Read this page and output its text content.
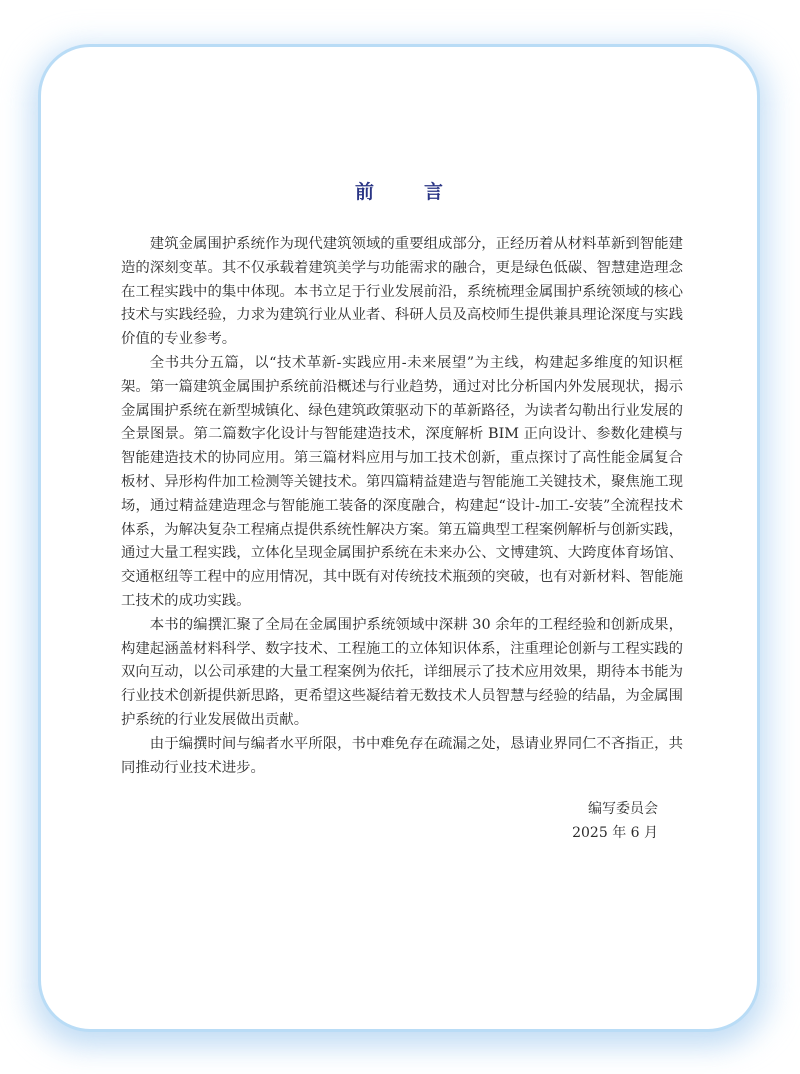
前言

建筑金属围护系统作为现代建筑领域的重要组成部分，正经历着从材料革新到智能建造的深刻变革。其不仅承载着建筑美学与功能需求的融合，更是绿色低碳、智慧建造理念在工程实践中的集中体现。本书立足于行业发展前沿，系统梳理金属围护系统领域的核心技术与实践经验，力求为建筑行业从业者、科研人员及高校师生提供兼具理论深度与实践价值的专业参考。

全书共分五篇，以“技术革新-实践应用-未来展望”为主线，构建起多维度的知识框架。第一篇建筑金属围护系统前沿概述与行业趋势，通过对比分析国内外发展现状，揭示金属围护系统在新型城镇化、绿色建筑政策驱动下的革新路径，为读者勾勒出行业发展的全景图景。第二篇数字化设计与智能建造技术，深度解析 BIM 正向设计、参数化建模与智能建造技术的协同应用。第三篇材料应用与加工技术创新，重点探讨了高性能金属复合板材、异形构件加工检测等关键技术。第四篇精益建造与智能施工关键技术，聚焦施工现场，通过精益建造理念与智能施工装备的深度融合，构建起“设计-加工-安装”全流程技术体系，为解决复杂工程痛点提供系统性解决方案。第五篇典型工程案例解析与创新实践，通过大量工程实践，立体化呈现金属围护系统在未来办公、文博建筑、大跨度体育场馆、交通枢纽等工程中的应用情况，其中既有对传统技术瓶颈的突破，也有对新材料、智能施工技术的成功实践。

本书的编撰汇聚了全局在金属围护系统领域中深耕 30 余年的工程经验和创新成果，构建起涵盖材料科学、数字技术、工程施工的立体知识体系，注重理论创新与工程实践的双向互动，以公司承建的大量工程案例为依托，详细展示了技术应用效果，期待本书能为行业技术创新提供新思路，更希望这些凝结着无数技术人员智慧与经验的结晶，为金属围护系统的行业发展做出贡献。

由于编撰时间与编者水平所限，书中难免存在疏漏之处，恳请业界同仁不吝指正，共同推动行业技术进步。

编写委员会
2025 年 6 月
